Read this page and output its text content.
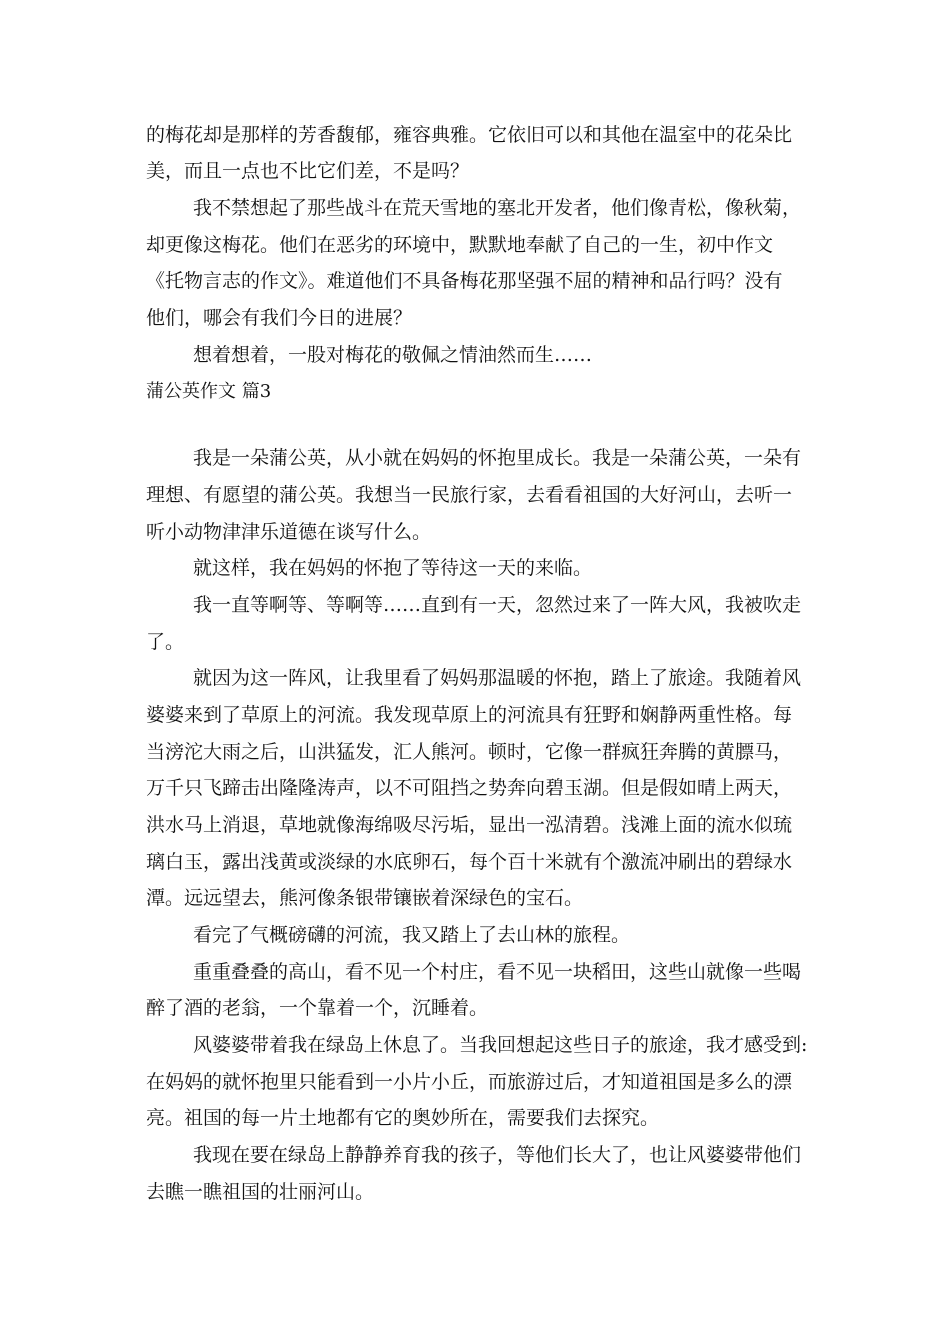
的梅花却是那样的芳香馥郁，雍容典雅。它依旧可以和其他在温室中的花朵比
美，而且一点也不比它们差，不是吗？
我不禁想起了那些战斗在荒天雪地的塞北开发者，他们像青松，像秋菊，
却更像这梅花。他们在恶劣的环境中，默默地奉献了自己的一生，初中作文
《托物言志的作文》。难道他们不具备梅花那坚强不屈的精神和品行吗？没有
他们，哪会有我们今日的进展？
想着想着，一股对梅花的敬佩之情油然而生……
蒲公英作文 篇3
我是一朵蒲公英，从小就在妈妈的怀抱里成长。我是一朵蒲公英，一朵有
理想、有愿望的蒲公英。我想当一民旅行家，去看看祖国的大好河山，去听一
听小动物津津乐道德在谈写什么。
就这样，我在妈妈的怀抱了等待这一天的来临。
我一直等啊等、等啊等……直到有一天，忽然过来了一阵大风，我被吹走
了。
就因为这一阵风，让我里看了妈妈那温暖的怀抱，踏上了旅途。我随着风
婆婆来到了草原上的河流。我发现草原上的河流具有狂野和娴静两重性格。每
当滂沱大雨之后，山洪猛发，汇人熊河。顿时，它像一群疯狂奔腾的黄膘马，
万千只飞蹄击出隆隆涛声，以不可阻挡之势奔向碧玉湖。但是假如晴上两天，
洪水马上消退，草地就像海绵吸尽污垢，显出一泓清碧。浅滩上面的流水似琉
璃白玉，露出浅黄或淡绿的水底卵石，每个百十米就有个激流冲刷出的碧绿水
潭。远远望去，熊河像条银带镶嵌着深绿色的宝石。
看完了气概磅礴的河流，我又踏上了去山林的旅程。
重重叠叠的高山，看不见一个村庄，看不见一块稻田，这些山就像一些喝
醉了酒的老翁，一个靠着一个，沉睡着。
风婆婆带着我在绿岛上休息了。当我回想起这些日子的旅途，我才感受到:
在妈妈的就怀抱里只能看到一小片小丘，而旅游过后，才知道祖国是多么的漂
亮。祖国的每一片土地都有它的奥妙所在，需要我们去探究。
我现在要在绿岛上静静养育我的孩子，等他们长大了，也让风婆婆带他们
去瞧一瞧祖国的壮丽河山。
